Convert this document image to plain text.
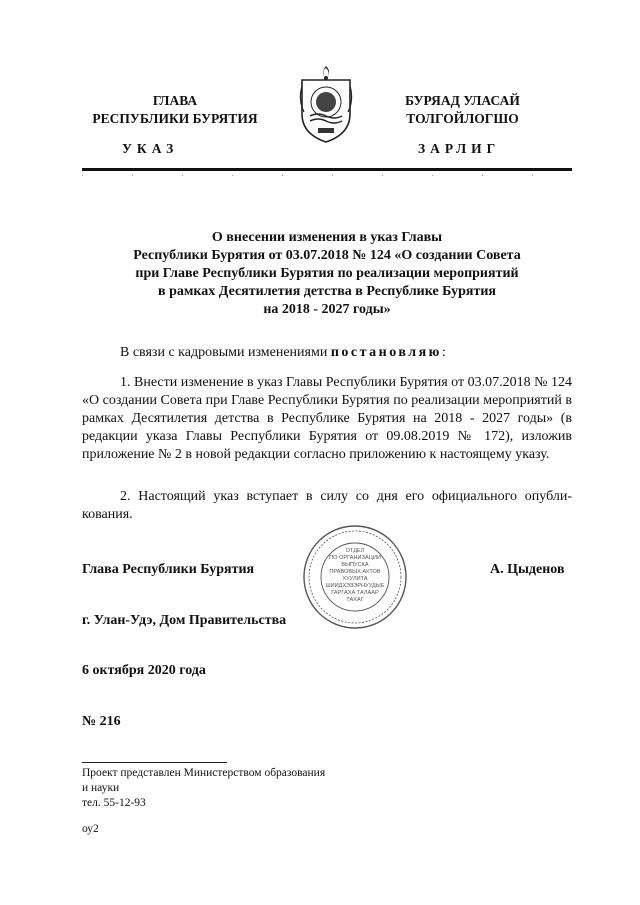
ГЛАВА
РЕСПУБЛИКИ БУРЯТИЯ
БУРЯАД УЛАСАЙ
ТОЛГОЙЛОГШО
УКАЗ	ЗАРЛИГ
О внесении изменения в указ Главы
Республики Бурятия от 03.07.2018 № 124 «О создании Совета
при Главе Республики Бурятия по реализации мероприятий
в рамках Десятилетия детства в Республике Бурятия
на 2018 - 2027 годы»
В связи с кадровыми изменениями постановляю:
1. Внести изменение в указ Главы Республики Бурятия от 03.07.2018 № 124 «О создании Совета при Главе Республики Бурятия по реализации мероприятий в рамках Десятилетия детства в Республике Бурятия на 2018 - 2027 годы» (в редакции указа Главы Республики Бурятия от 09.08.2019 № 172), изложив приложение № 2 в новой редакции согласно приложению к настоящему указу.
2. Настоящий указ вступает в силу со дня его официального опубли-кования.
Глава Республики Бурятия	А. Цыденов
ОТДЕЛ
ПО ОРГАНИЗАЦИИ
ВЫПУСКА
ПРАВОВЫХ АКТОВ
ХУУЛИТА
ШИИДХЭЗЭРНУУДЫЕ
ГАРГАХА ТАЛААР
ТАХАГ
г. Улан-Удэ, Дом Правительства
6 октября 2020 года
№ 216
Проект представлен Министерством образования
и науки
тел. 55-12-93
оу2
